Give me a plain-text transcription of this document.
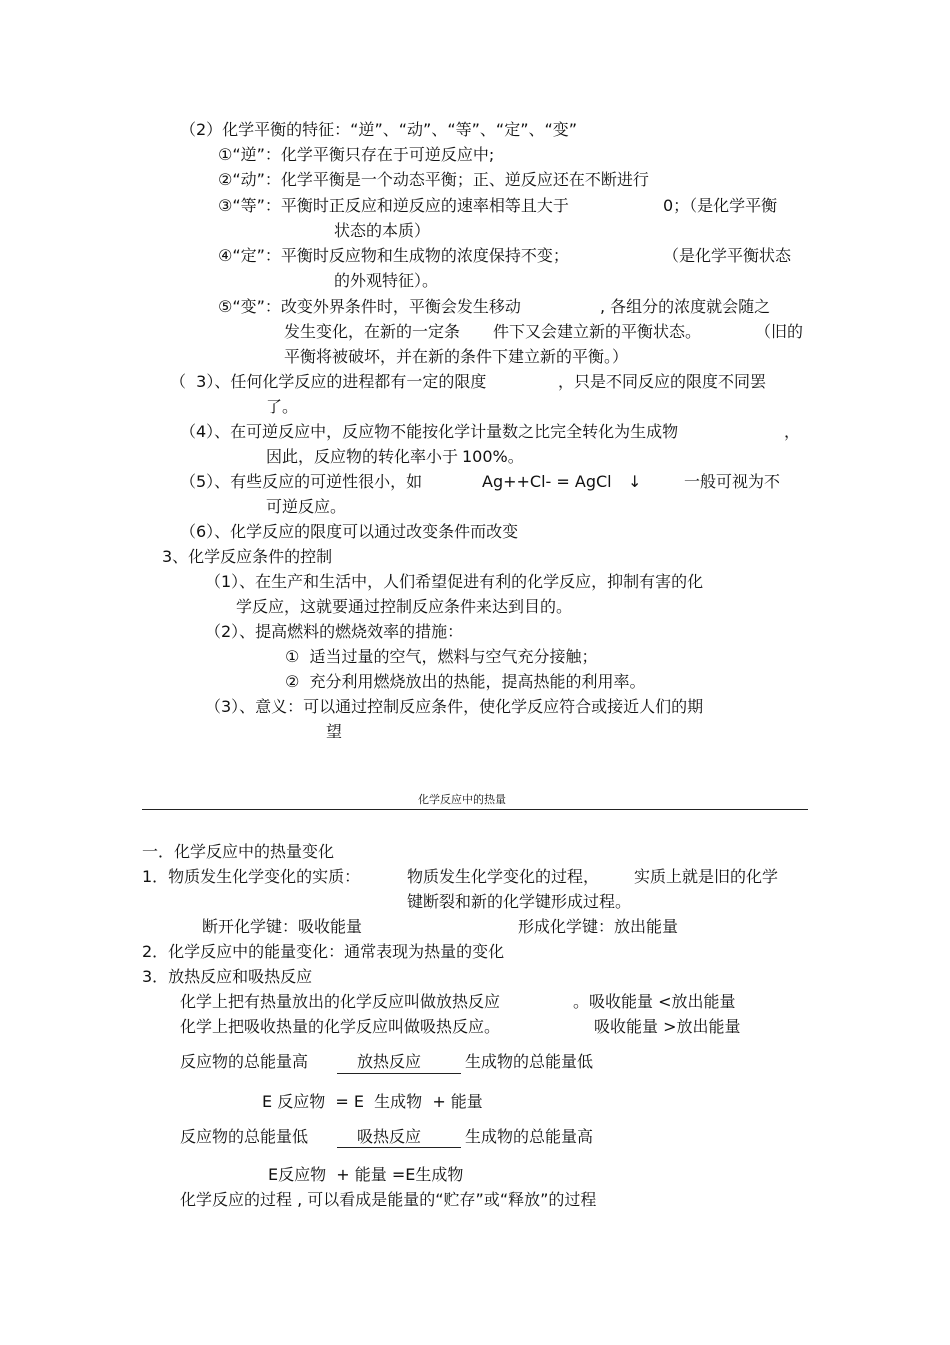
（2）化学平衡的特征：“逆”、“动”、“等”、“定”、“变”
①“逆”：化学平衡只存在于可逆反应中;
②“动”：化学平衡是一个动态平衡；正、逆反应还在不断进行
③“等”：平衡时正反应和逆反应的速率相等且大于	0；（是化学平衡
状态的本质）
④“定”：平衡时反应物和生成物的浓度保持不变；	（是化学平衡状态
的外观特征）。
⑤“变”：改变外界条件时，平衡会发生移动	, 各组分的浓度就会随之
发生变化，在新的一定条 件下又会建立新的平衡状态。	（旧的
平衡将被破坏，并在新的条件下建立新的平衡。）
（  3）、任何化学反应的进程都有一定的限度	，只是不同反应的限度不同罢
了。
（4）、在可逆反应中，反应物不能按化学计量数之比完全转化为生成物	，
因此，反应物的转化率小于 100%。
（5）、有些反应的可逆性很小，如	Ag++Cl- = AgCl ↓	一般可视为不
可逆反应。
（6）、化学反应的限度可以通过改变条件而改变
3、化学反应条件的控制
（1）、在生产和生活中，人们希望促进有利的化学反应，抑制有害的化
学反应，这就要通过控制反应条件来达到目的。
（2）、提高燃料的燃烧效率的措施：
①  适当过量的空气，燃料与空气充分接触；
②  充分利用燃烧放出的热能，提高热能的利用率。
（3）、意义：可以通过控制反应条件，使化学反应符合或接近人们的期
望
化学反应中的热量
一．化学反应中的热量变化
1．物质发生化学变化的实质：	物质发生化学变化的过程， 实质上就是旧的化学
键断裂和新的化学键形成过程。
断开化学键：吸收能量	形成化学键：放出能量
2．化学反应中的能量变化：通常表现为热量的变化
3．放热反应和吸热反应
化学上把有热量放出的化学反应叫做放热反应	。吸收能量 <放出能量
化学上把吸收热量的化学反应叫做吸热反应。	吸收能量 >放出能量
反应物的总能量高	放热反应	生成物的总能量低
E 反应物  = E  生成物  + 能量
反应物的总能量低	吸热反应	生成物的总能量高
E反应物  + 能量 =E生成物
化学反应的过程 , 可以看成是能量的“贮存”或“释放”的过程
